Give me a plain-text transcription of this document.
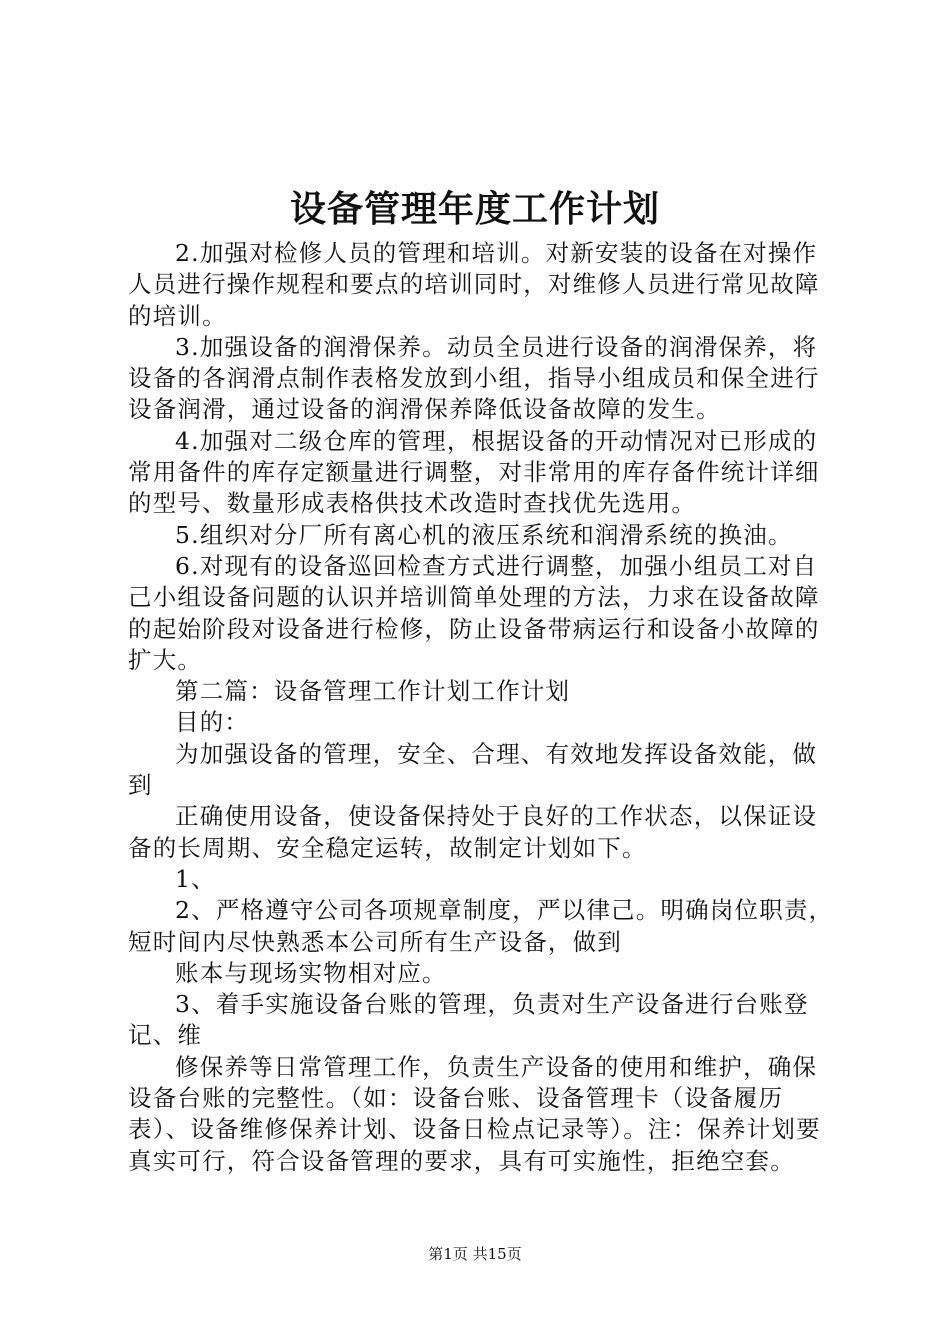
设备管理年度工作计划

2.加强对检修人员的管理和培训。对新安装的设备在对操作人员进行操作规程和要点的培训同时，对维修人员进行常见故障的培训。

3.加强设备的润滑保养。动员全员进行设备的润滑保养，将设备的各润滑点制作表格发放到小组，指导小组成员和保全进行设备润滑，通过设备的润滑保养降低设备故障的发生。

4.加强对二级仓库的管理，根据设备的开动情况对已形成的常用备件的库存定额量进行调整，对非常用的库存备件统计详细的型号、数量形成表格供技术改造时查找优先选用。

5.组织对分厂所有离心机的液压系统和润滑系统的换油。

6.对现有的设备巡回检查方式进行调整，加强小组员工对自己小组设备问题的认识并培训简单处理的方法，力求在设备故障的起始阶段对设备进行检修，防止设备带病运行和设备小故障的扩大。

第二篇：设备管理工作计划工作计划

目的：

为加强设备的管理，安全、合理、有效地发挥设备效能，做到

正确使用设备，使设备保持处于良好的工作状态，以保证设备的长周期、安全稳定运转，故制定计划如下。

1、

2、严格遵守公司各项规章制度，严以律己。明确岗位职责，短时间内尽快熟悉本公司所有生产设备，做到

账本与现场实物相对应。

3、着手实施设备台账的管理，负责对生产设备进行台账登记、维

修保养等日常管理工作，负责生产设备的使用和维护，确保设备台账的完整性。（如：设备台账、设备管理卡（设备履历表）、设备维修保养计划、设备日检点记录等）。注：保养计划要真实可行，符合设备管理的要求，具有可实施性，拒绝空套。

第1页 共15页
